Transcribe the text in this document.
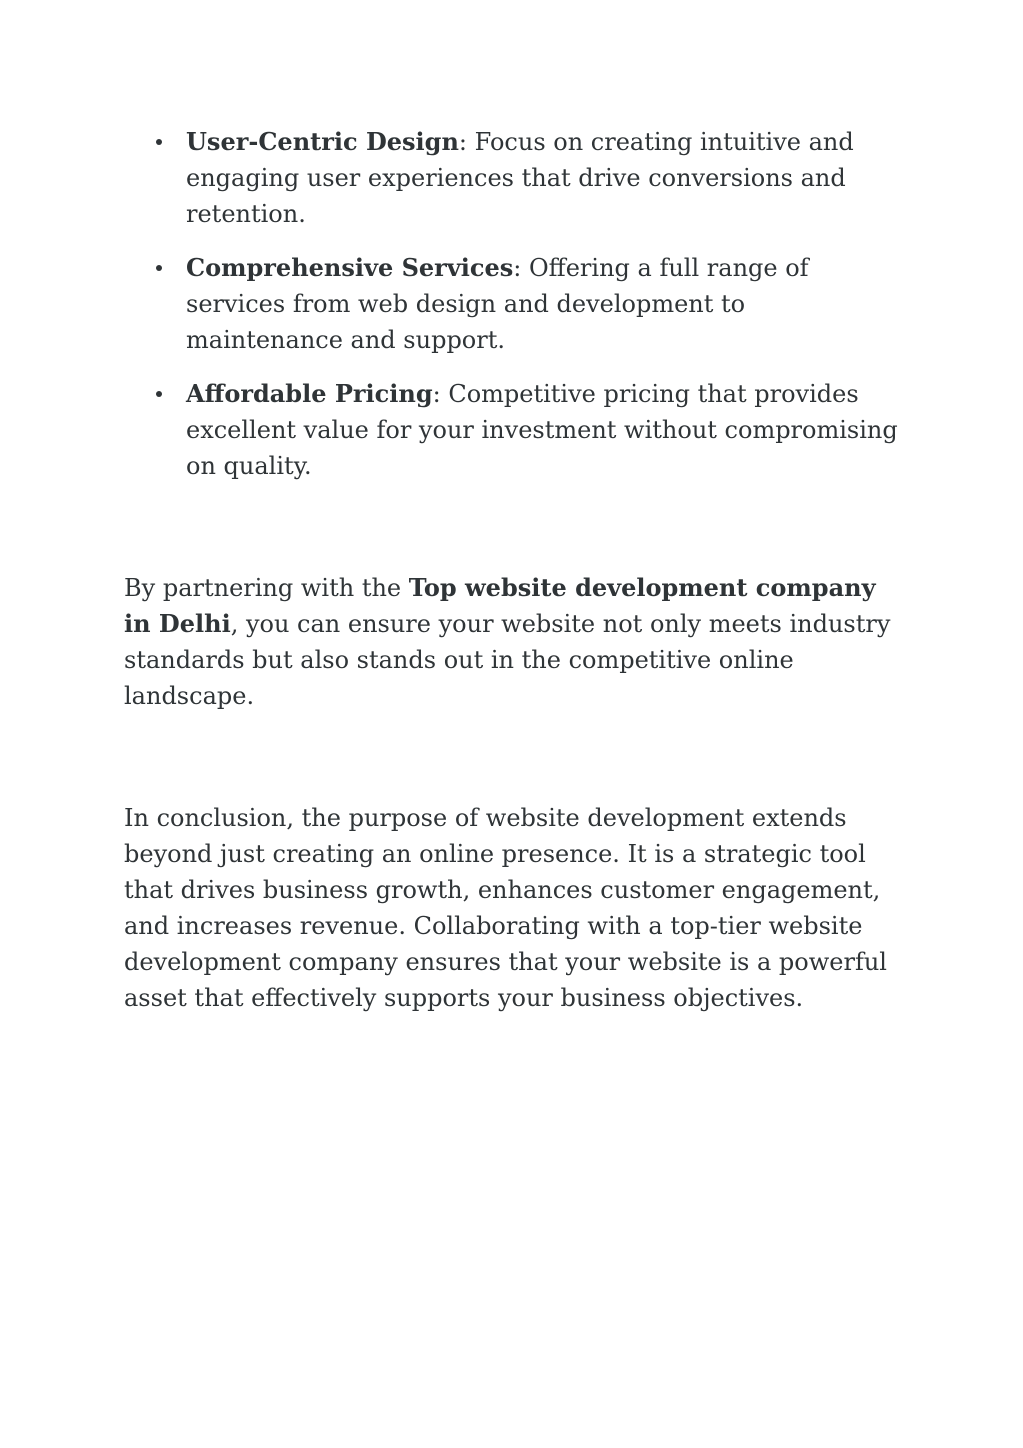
User-Centric Design: Focus on creating intuitive and engaging user experiences that drive conversions and retention.
Comprehensive Services: Offering a full range of services from web design and development to maintenance and support.
Affordable Pricing: Competitive pricing that provides excellent value for your investment without compromising on quality.

By partnering with the Top website development company in Delhi, you can ensure your website not only meets industry standards but also stands out in the competitive online landscape.

In conclusion, the purpose of website development extends beyond just creating an online presence. It is a strategic tool that drives business growth, enhances customer engagement, and increases revenue. Collaborating with a top-tier website development company ensures that your website is a powerful asset that effectively supports your business objectives.
